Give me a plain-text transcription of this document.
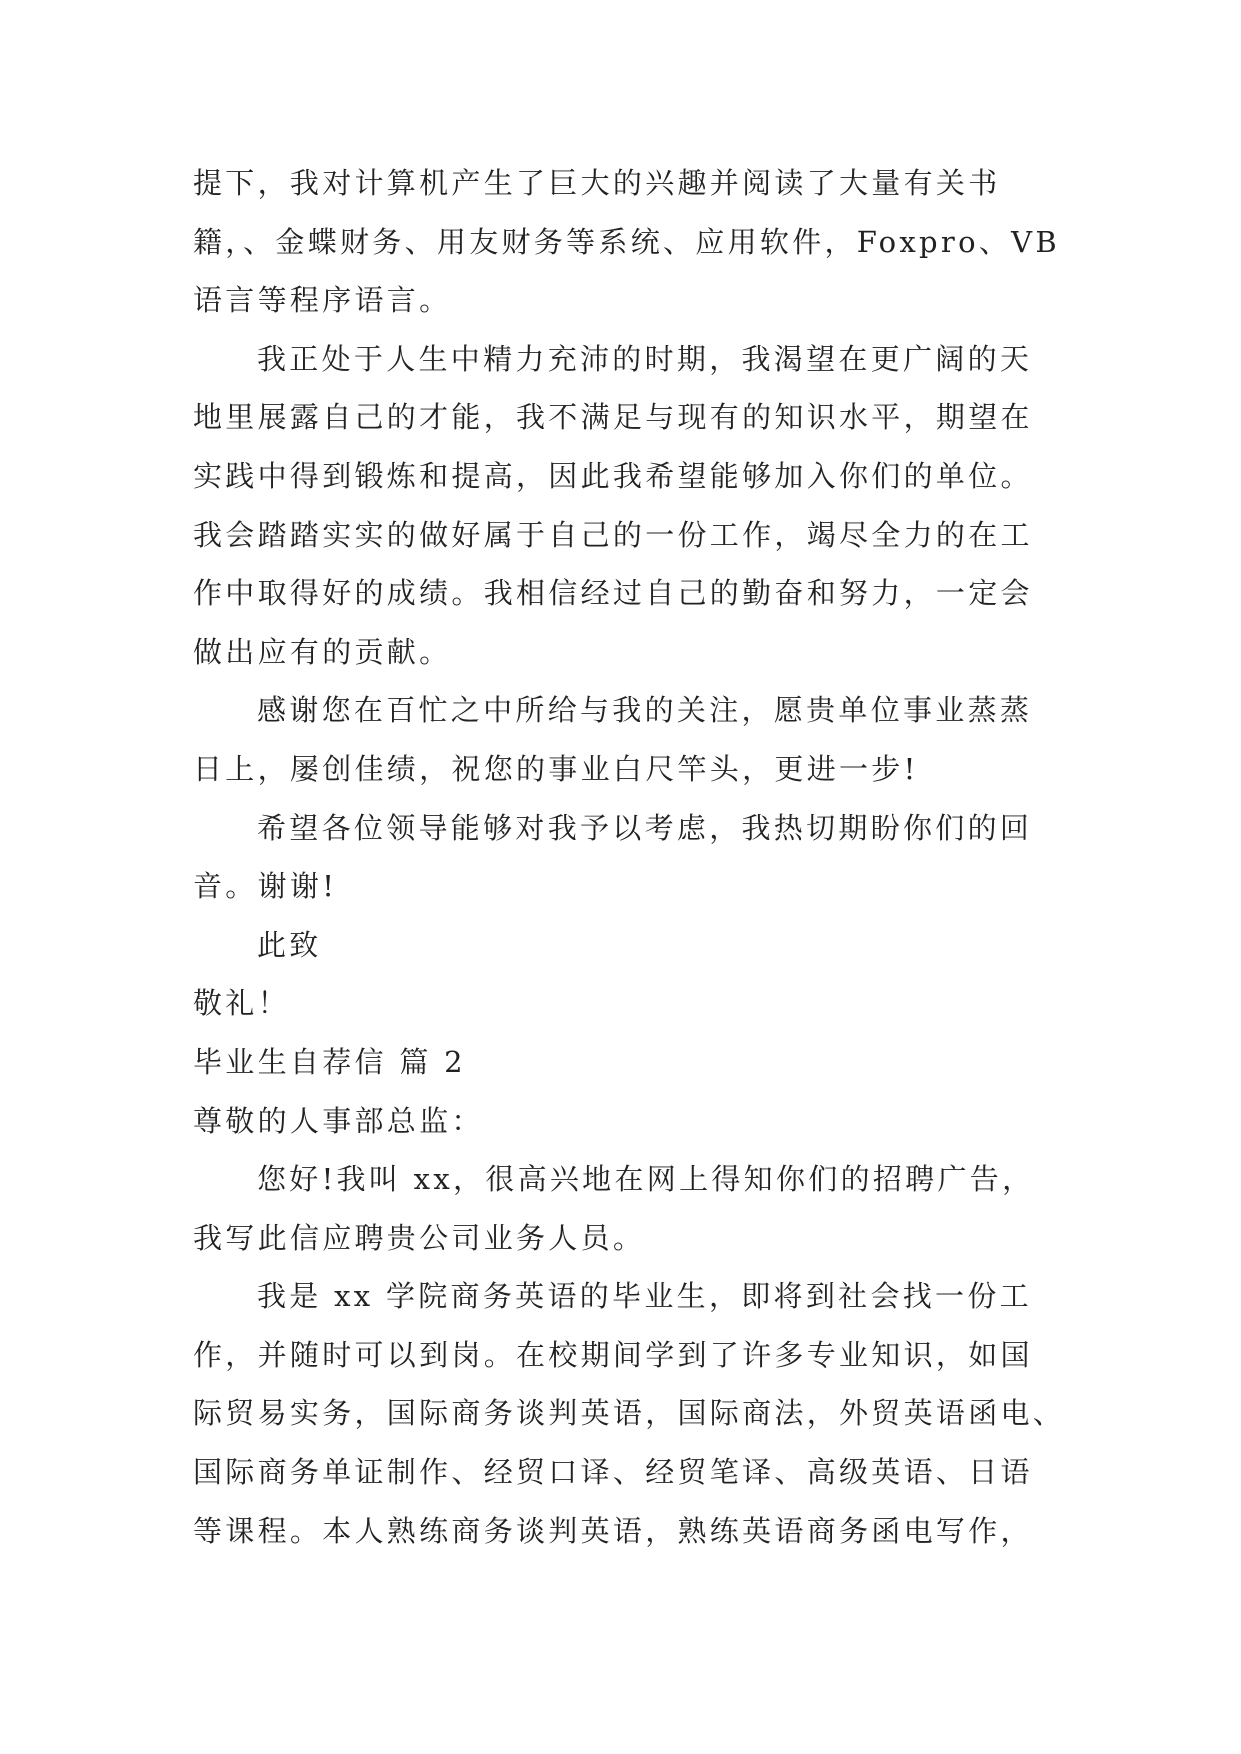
提下，我对计算机产生了巨大的兴趣并阅读了大量有关书

籍，、金蝶财务、用友财务等系统、应用软件，Foxpro、VB

语言等程序语言。

我正处于人生中精力充沛的时期，我渴望在更广阔的天

地里展露自己的才能，我不满足与现有的知识水平，期望在

实践中得到锻炼和提高，因此我希望能够加入你们的单位。

我会踏踏实实的做好属于自己的一份工作，竭尽全力的在工

作中取得好的成绩。我相信经过自己的勤奋和努力，一定会

做出应有的贡献。

感谢您在百忙之中所给与我的关注，愿贵单位事业蒸蒸

日上，屡创佳绩，祝您的事业白尺竿头，更进一步!

希望各位领导能够对我予以考虑，我热切期盼你们的回

音。谢谢!

此致

敬礼！

毕业生自荐信 篇 2

尊敬的人事部总监：

您好!我叫 xx，很高兴地在网上得知你们的招聘广告，

我写此信应聘贵公司业务人员。

我是 xx 学院商务英语的毕业生，即将到社会找一份工

作，并随时可以到岗。在校期间学到了许多专业知识，如国

际贸易实务，国际商务谈判英语，国际商法，外贸英语函电、

国际商务单证制作、经贸口译、经贸笔译、高级英语、日语

等课程。本人熟练商务谈判英语，熟练英语商务函电写作，
